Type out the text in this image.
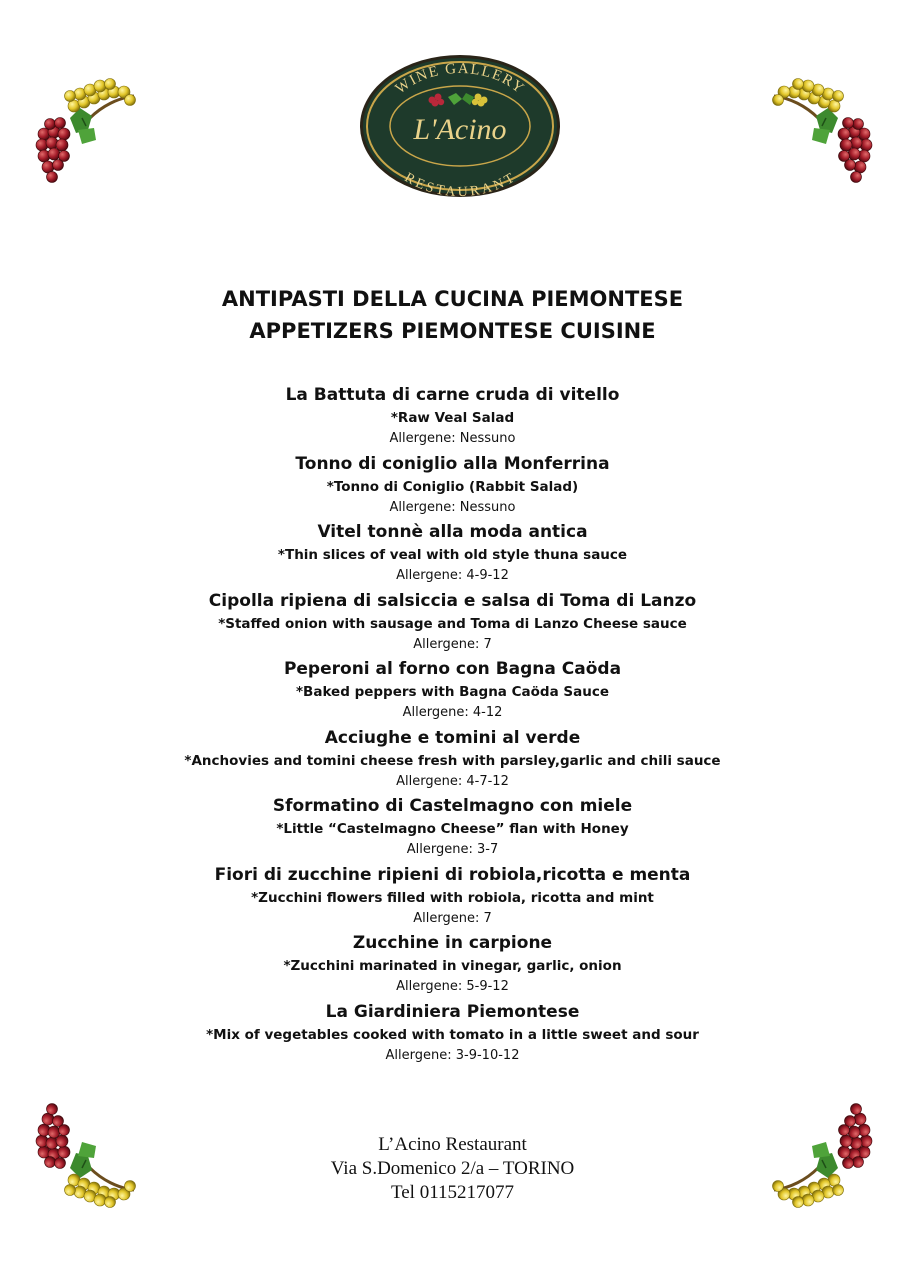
WINE GALLERY
RESTAURANT
L'Acino
ANTIPASTI DELLA CUCINA PIEMONTESE
APPETIZERS PIEMONTESE CUISINE
La Battuta di carne cruda di vitello
*Raw Veal Salad
Allergene: Nessuno
Tonno di coniglio alla Monferrina
*Tonno di Coniglio (Rabbit Salad)
Allergene: Nessuno
Vitel tonnè alla moda antica
*Thin slices of veal with old style thuna sauce
Allergene: 4-9-12
Cipolla ripiena di salsiccia e salsa di Toma di Lanzo
*Staffed onion with sausage and Toma di Lanzo Cheese sauce
Allergene: 7
Peperoni al forno con Bagna Caöda
*Baked peppers with Bagna Caöda Sauce
Allergene: 4-12
Acciughe e tomini al verde
*Anchovies and tomini cheese fresh with parsley,garlic and chili sauce
Allergene: 4-7-12
Sformatino di Castelmagno con miele
*Little “Castelmagno Cheese” flan with Honey
Allergene: 3-7
Fiori di zucchine ripieni di robiola,ricotta e menta
*Zucchini flowers filled with robiola, ricotta and mint
Allergene: 7
Zucchine in carpione
*Zucchini marinated in vinegar, garlic, onion
Allergene: 5-9-12
La Giardiniera Piemontese
*Mix of vegetables cooked with tomato in a little sweet and sour
Allergene: 3-9-10-12
L’Acino Restaurant
Via S.Domenico 2/a – TORINO
Tel 0115217077
